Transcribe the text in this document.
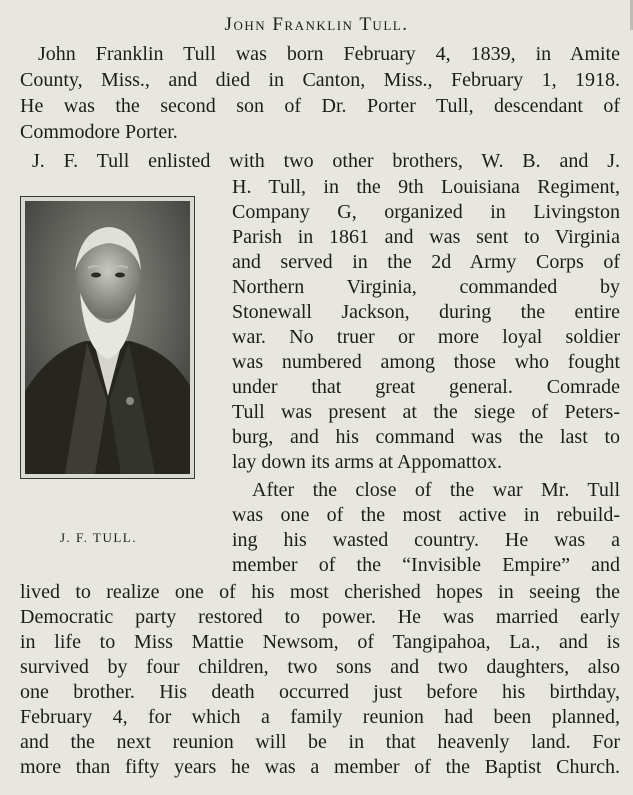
John Franklin Tull.
John Franklin Tull was born February 4, 1839, in Amite
County, Miss., and died in Canton, Miss., February 1, 1918.
He was the second son of Dr. Porter Tull, descendant of
Commodore Porter.
J. F. Tull enlisted with two other brothers, W. B. and J.
H. Tull, in the 9th Louisiana Regiment,
Company G, organized in Livingston
Parish in 1861 and was sent to Virginia
and served in the 2d Army Corps of
Northern Virginia, commanded by
Stonewall Jackson, during the entire
war. No truer or more loyal soldier
was numbered among those who fought
under that great general. Comrade
Tull was present at the siege of Peters-
burg, and his command was the last to
lay down its arms at Appomattox.
After the close of the war Mr. Tull
was one of the most active in rebuild-
ing his wasted country. He was a
member of the “Invisible Empire” and
lived to realize one of his most cherished hopes in seeing the
Democratic party restored to power. He was married early
in life to Miss Mattie Newsom, of Tangipahoa, La., and is
survived by four children, two sons and two daughters, also
one brother. His death occurred just before his birthday,
February 4, for which a family reunion had been planned,
and the next reunion will be in that heavenly land. For
more than fifty years he was a member of the Baptist Church.
J. F. TULL.
